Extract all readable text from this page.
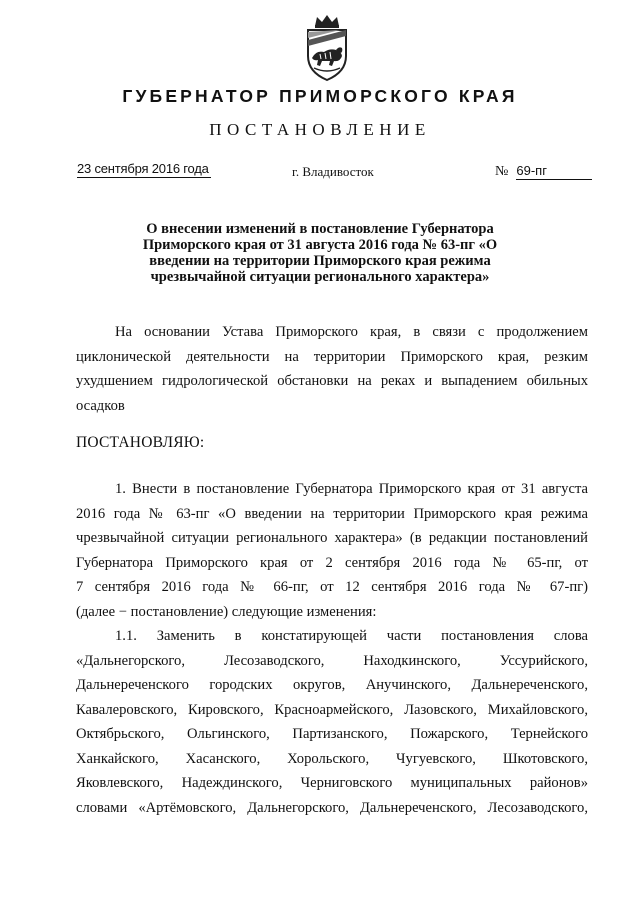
ГУБЕРНАТОР ПРИМОРСКОГО КРАЯ
ПОСТАНОВЛЕНИЕ
23 сентября 2016 года	г. Владивосток	№ 69-пг
О внесении изменений в постановление Губернатора
Приморского края от 31 августа 2016 года № 63-пг «О
введении на территории Приморского края режима
чрезвычайной ситуации регионального характера»
На основании Устава Приморского края, в связи с продолжением
циклонической деятельности на территории Приморского края, резким
ухудшением гидрологической обстановки на реках и выпадением обильных
осадков
ПОСТАНОВЛЯЮ:
1. Внести в постановление Губернатора Приморского края от 31 августа
2016 года № 63-пг «О введении на территории Приморского края режима
чрезвычайной ситуации регионального характера» (в редакции постановлений
Губернатора Приморского края от 2 сентября 2016 года № 65-пг, от
7 сентября 2016 года № 66-пг, от 12 сентября 2016 года № 67-пг)
(далее − постановление) следующие изменения:
1.1. Заменить в констатирующей части постановления слова
«Дальнегорского, Лесозаводского, Находкинского, Уссурийского,
Дальнереченского городских округов, Анучинского, Дальнереченского,
Кавалеровского, Кировского, Красноармейского, Лазовского, Михайловского,
Октябрьского, Ольгинского, Партизанского, Пожарского, Тернейского
Ханкайского, Хасанского, Хорольского, Чугуевского, Шкотовского,
Яковлевского, Надеждинского, Черниговского муниципальных районов»
словами «Артёмовского, Дальнегорского, Дальнереченского, Лесозаводского,
